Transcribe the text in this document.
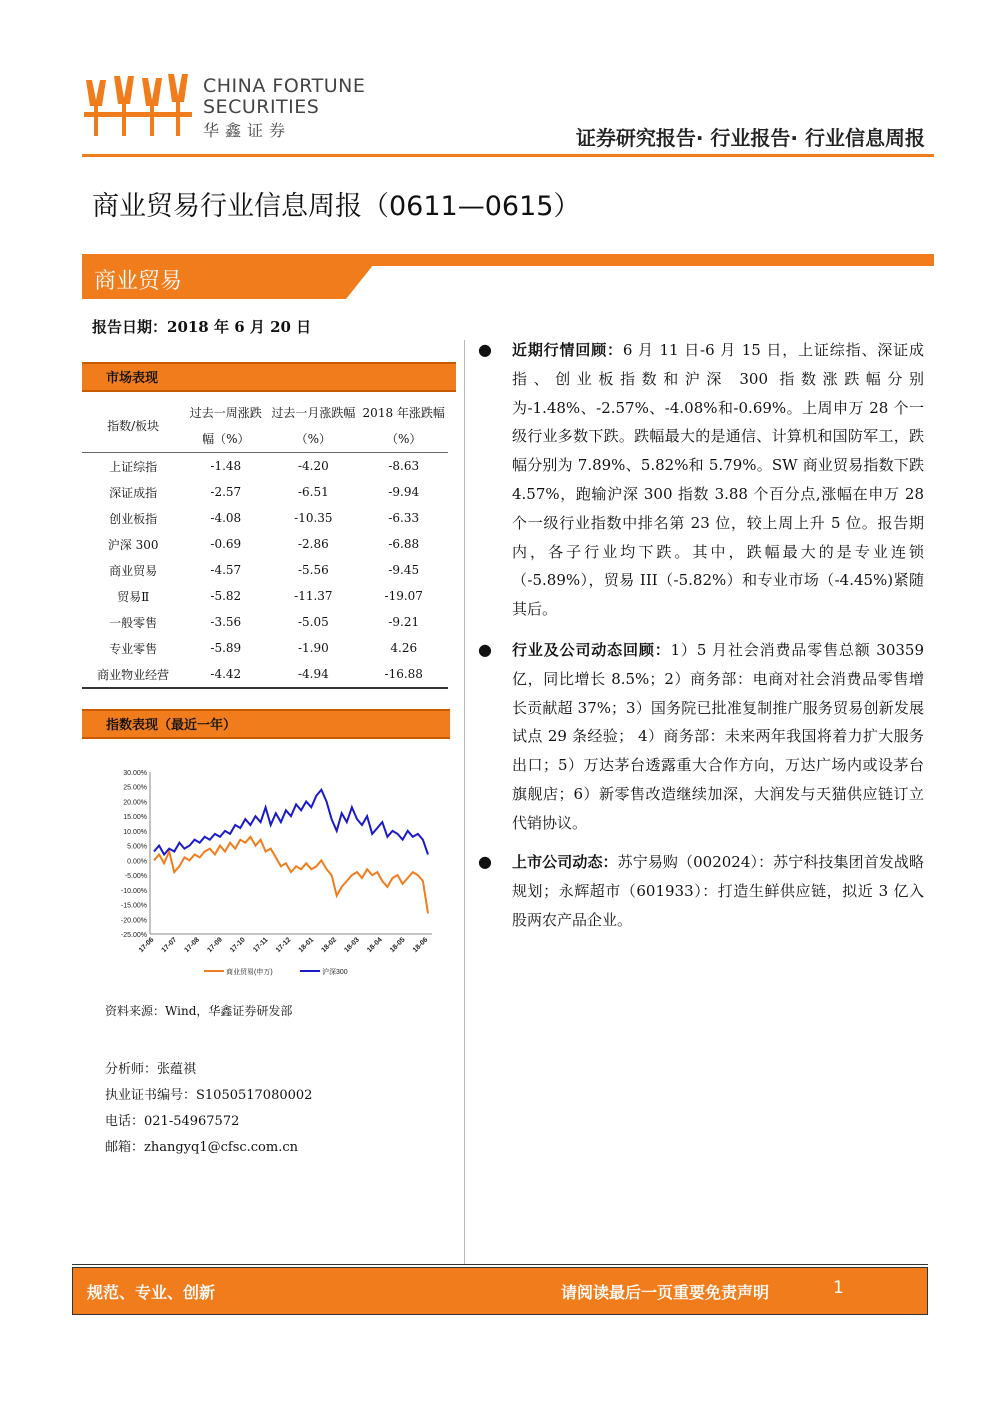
CHINA FORTUNE
SECURITIES
华鑫证券	证券研究报告· 行业报告· 行业信息周报
商业贸易行业信息周报（0611—0615）
商业贸易
报告日期：2018 年 6 月 20 日
市场表现
指数/板块	过去一周涨跌幅（%）	过去一月涨跌幅（%）	2018 年涨跌幅（%）
上证综指	-1.48	-4.20	-8.63
深证成指	-2.57	-6.51	-9.94
创业板指	-4.08	-10.35	-6.33
沪深 300	-0.69	-2.86	-6.88
商业贸易	-4.57	-5.56	-9.45
贸易Ⅱ	-5.82	-11.37	-19.07
一般零售	-3.56	-5.05	-9.21
专业零售	-5.89	-1.90	4.26
商业物业经营	-4.42	-4.94	-16.88
指数表现（最近一年）
30.00%
25.00%
20.00%
15.00%
10.00%
5.00%
0.00%
-5.00%
-10.00%
-15.00%
-20.00%
-25.00%
17-06 17-07 17-08 17-09 17-10 17-11 17-12 18-01 18-02 18-03 18-04 18-05 18-06
商业贸易(申万)	沪深300
资料来源：Wind，华鑫证券研发部
分析师：张蕴祺
执业证书编号：S1050517080002
电话：021-54967572
邮箱：zhangyq1@cfsc.com.cn
● 近期行情回顾：6 月 11 日-6 月 15 日，上证综指、深证成指、创业板指数和沪深 300 指数涨跌幅分别为-1.48%、-2.57%、-4.08%和-0.69%。上周申万 28 个一级行业多数下跌。跌幅最大的是通信、计算机和国防军工，跌幅分别为 7.89%、5.82%和 5.79%。SW 商业贸易指数下跌 4.57%，跑输沪深 300 指数 3.88 个百分点,涨幅在申万 28 个一级行业指数中排名第 23 位，较上周上升 5 位。报告期内，各子行业均下跌。其中，跌幅最大的是专业连锁（-5.89%），贸易 III（-5.82%）和专业市场（-4.45%)紧随其后。
● 行业及公司动态回顾：1）5 月社会消费品零售总额 30359 亿，同比增长 8.5%；2）商务部：电商对社会消费品零售增长贡献超 37%；3）国务院已批准复制推广服务贸易创新发展试点 29 条经验； 4）商务部：未来两年我国将着力扩大服务出口；5）万达茅台透露重大合作方向，万达广场内或设茅台旗舰店；6）新零售改造继续加深，大润发与天猫供应链订立代销协议。
● 上市公司动态：苏宁易购（002024）：苏宁科技集团首发战略规划；永辉超市（601933）：打造生鲜供应链，拟近 3 亿入股两农产品企业。
规范、专业、创新	请阅读最后一页重要免责声明	1
